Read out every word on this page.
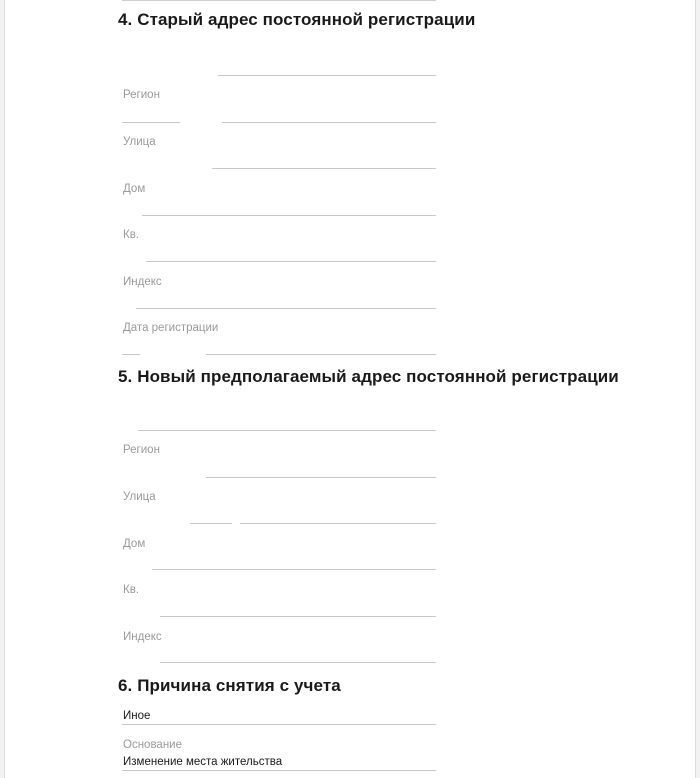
4. Старый адрес постоянной регистрации
Регион
Улица
Дом
Кв.
Индекс
Дата регистрации
5. Новый предполагаемый адрес постоянной регистрации
Регион
Улица
Дом
Кв.
Индекс
6. Причина снятия с учета
Иное
Основание
Изменение места жительства
